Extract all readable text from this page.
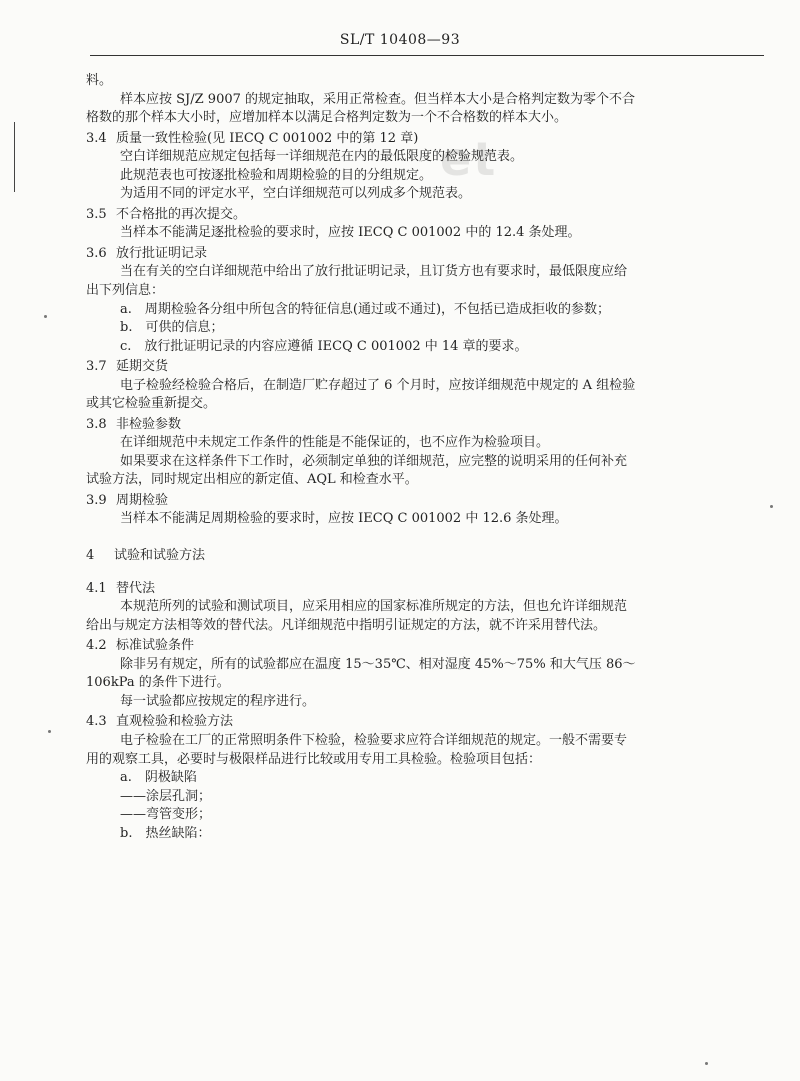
SL/T 10408—93
et
料。
样本应按 SJ/Z 9007 的规定抽取，采用正常检查。但当样本大小是合格判定数为零个不合
格数的那个样本大小时，应增加样本以满足合格判定数为一个不合格数的样本大小。
3.4 质量一致性检验(见 IECQ C 001002 中的第 12 章)
空白详细规范应规定包括每一详细规范在内的最低限度的检验规范表。
此规范表也可按逐批检验和周期检验的目的分组规定。
为适用不同的评定水平，空白详细规范可以列成多个规范表。
3.5 不合格批的再次提交。
当样本不能满足逐批检验的要求时，应按 IECQ C 001002 中的 12.4 条处理。
3.6 放行批证明记录
当在有关的空白详细规范中给出了放行批证明记录，且订货方也有要求时，最低限度应给
出下列信息：
a.　周期检验各分组中所包含的特征信息(通过或不通过)，不包括已造成拒收的参数；
b.　可供的信息；
c.　放行批证明记录的内容应遵循 IECQ C 001002 中 14 章的要求。
3.7 延期交货
电子检验经检验合格后，在制造厂贮存超过了 6 个月时，应按详细规范中规定的 A 组检验
或其它检验重新提交。
3.8 非检验参数
在详细规范中未规定工作条件的性能是不能保证的，也不应作为检验项目。
如果要求在这样条件下工作时，必须制定单独的详细规范，应完整的说明采用的任何补充
试验方法，同时规定出相应的新定值、AQL 和检查水平。
3.9 周期检验
当样本不能满足周期检验的要求时，应按 IECQ C 001002 中 12.6 条处理。
4 试验和试验方法
4.1 替代法
本规范所列的试验和测试项目，应采用相应的国家标准所规定的方法，但也允许详细规范
给出与规定方法相等效的替代法。凡详细规范中指明引证规定的方法，就不许采用替代法。
4.2 标准试验条件
除非另有规定，所有的试验都应在温度 15～35℃、相对湿度 45%～75% 和大气压 86～
106kPa 的条件下进行。
每一试验都应按规定的程序进行。
4.3 直观检验和检验方法
电子检验在工厂的正常照明条件下检验，检验要求应符合详细规范的规定。一般不需要专
用的观察工具，必要时与极限样品进行比较或用专用工具检验。检验项目包括：
a.　阴极缺陷
——涂层孔洞；
——弯管变形；
b.　热丝缺陷：
